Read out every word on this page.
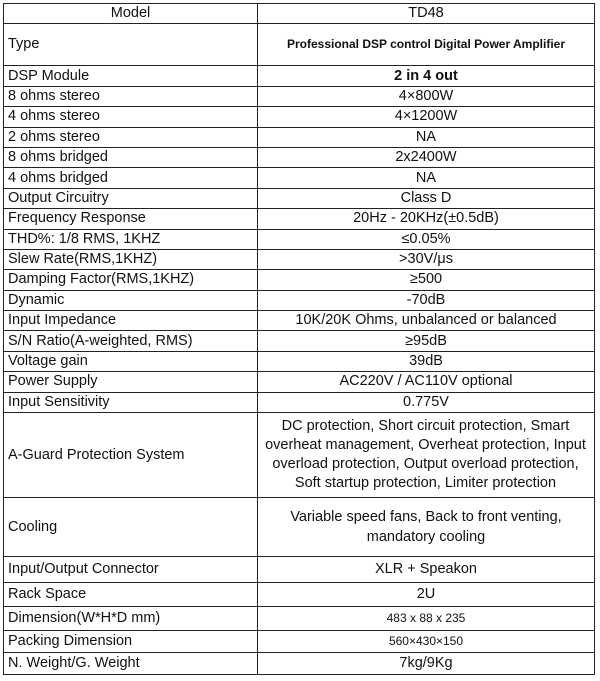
Model	TD48
Type	Professional DSP control Digital Power Amplifier
DSP Module	2 in 4 out
8 ohms stereo	4×800W
4 ohms stereo	4×1200W
2 ohms stereo	NA
8 ohms bridged	2x2400W
4 ohms bridged	NA
Output Circuitry	Class D
Frequency Response	20Hz - 20KHz(±0.5dB)
THD%: 1/8 RMS, 1KHZ	≤0.05%
Slew Rate(RMS,1KHZ)	>30V/μs
Damping Factor(RMS,1KHZ)	≥500
Dynamic	-70dB
Input Impedance	10K/20K Ohms, unbalanced or balanced
S/N Ratio(A-weighted, RMS)	≥95dB
Voltage gain	39dB
Power Supply	AC220V / AC110V optional
Input Sensitivity	0.775V
A-Guard Protection System	DC protection, Short circuit protection, Smart overheat management, Overheat protection, Input overload protection, Output overload protection, Soft startup protection, Limiter protection
Cooling	Variable speed fans, Back to front venting, mandatory cooling
Input/Output Connector	XLR + Speakon
Rack Space	2U
Dimension(W*H*D mm)	483 x 88 x 235
Packing Dimension	560×430×150
N. Weight/G. Weight	7kg/9Kg
